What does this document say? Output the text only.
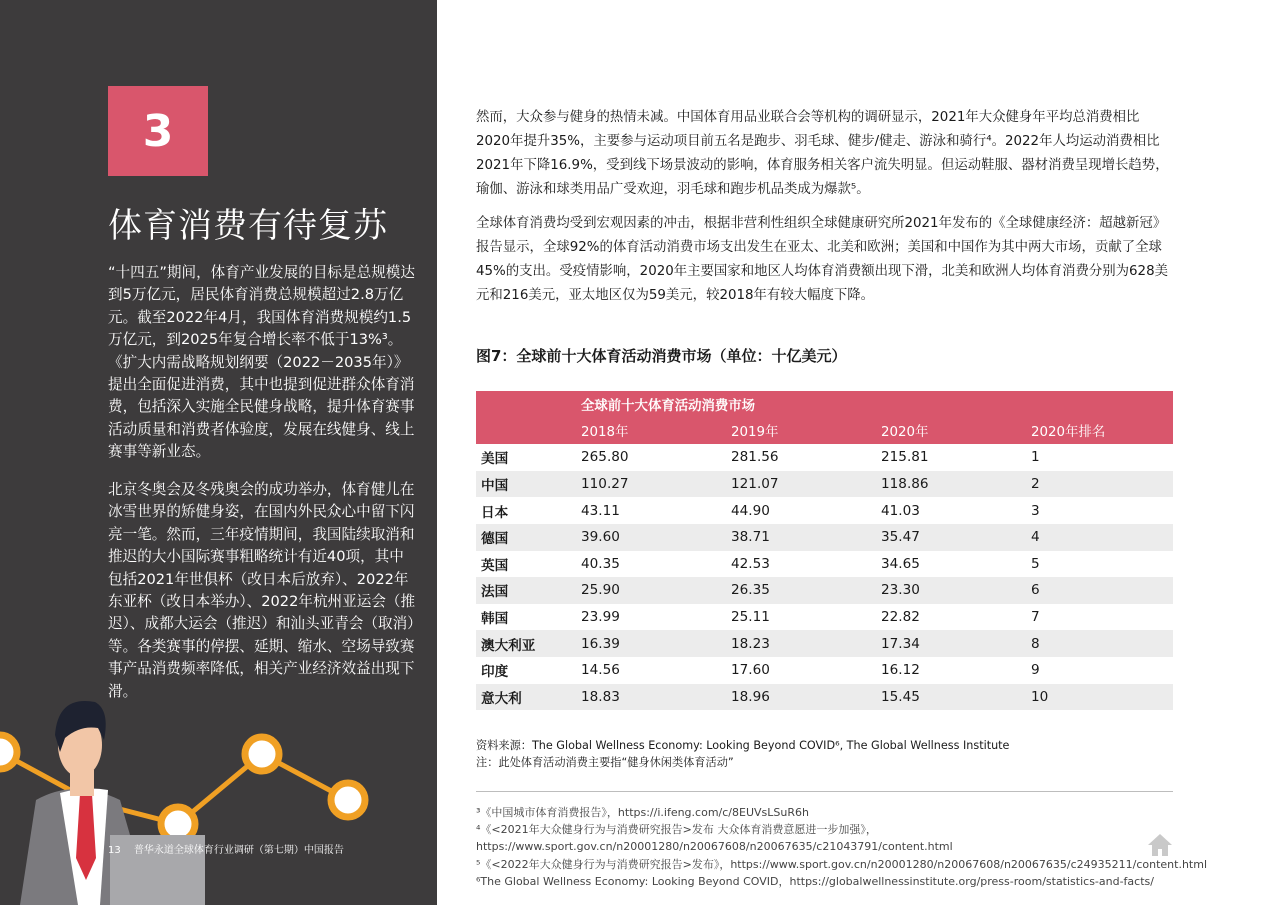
3
体育消费有待复苏

“十四五”期间，体育产业发展的目标是总规模达到5万亿元，居民体育消费总规模超过2.8万亿元。截至2022年4月，我国体育消费规模约1.5万亿元，到2025年复合增长率不低于13%³。《扩大内需战略规划纲要（2022－2035年）》提出全面促进消费，其中也提到促进群众体育消费，包括深入实施全民健身战略，提升体育赛事活动质量和消费者体验度，发展在线健身、线上赛事等新业态。

北京冬奥会及冬残奥会的成功举办，体育健儿在冰雪世界的矫健身姿，在国内外民众心中留下闪亮一笔。然而，三年疫情期间，我国陆续取消和推迟的大小国际赛事粗略统计有近40项，其中包括2021年世俱杯（改日本后放弃）、2022年东亚杯（改日本举办）、2022年杭州亚运会（推迟）、成都大运会（推迟）和汕头亚青会（取消）等。各类赛事的停摆、延期、缩水、空场导致赛事产品消费频率降低，相关产业经济效益出现下滑。

13 普华永道全球体育行业调研（第七期）中国报告

然而，大众参与健身的热情未减。中国体育用品业联合会等机构的调研显示，2021年大众健身年平均总消费相比2020年提升35%，主要参与运动项目前五名是跑步、羽毛球、健步/健走、游泳和骑行⁴。2022年人均运动消费相比2021年下降16.9%，受到线下场景波动的影响，体育服务相关客户流失明显。但运动鞋服、器材消费呈现增长趋势，瑜伽、游泳和球类用品广受欢迎，羽毛球和跑步机品类成为爆款⁵。

全球体育消费均受到宏观因素的冲击，根据非营利性组织全球健康研究所2021年发布的《全球健康经济：超越新冠》报告显示，全球92%的体育活动消费市场支出发生在亚太、北美和欧洲；美国和中国作为其中两大市场，贡献了全球45%的支出。受疫情影响，2020年主要国家和地区人均体育消费额出现下滑，北美和欧洲人均体育消费分别为628美元和216美元，亚太地区仅为59美元，较2018年有较大幅度下降。

图7：全球前十大体育活动消费市场（单位：十亿美元）
	全球前十大体育活动消费市场			
	2018年	2019年	2020年	2020年排名
美国	265.80	281.56	215.81	1
中国	110.27	121.07	118.86	2
日本	43.11	44.90	41.03	3
德国	39.60	38.71	35.47	4
英国	40.35	42.53	34.65	5
法国	25.90	26.35	23.30	6
韩国	23.99	25.11	22.82	7
澳大利亚	16.39	18.23	17.34	8
印度	14.56	17.60	16.12	9
意大利	18.83	18.96	15.45	10
资料来源：The Global Wellness Economy: Looking Beyond COVID⁶, The Global Wellness Institute
注：此处体育活动消费主要指“健身休闲类体育活动”
³《中国城市体育消费报告》，https://i.ifeng.com/c/8EUVsLSuR6h
⁴《<2021年大众健身行为与消费研究报告>发布 大众体育消费意愿进一步加强》，
https://www.sport.gov.cn/n20001280/n20067608/n20067635/c21043791/content.html
⁵《<2022年大众健身行为与消费研究报告>发布》，https://www.sport.gov.cn/n20001280/n20067608/n20067635/c24935211/content.html
⁶The Global Wellness Economy: Looking Beyond COVID，https://globalwellnessinstitute.org/press-room/statistics-and-facts/
